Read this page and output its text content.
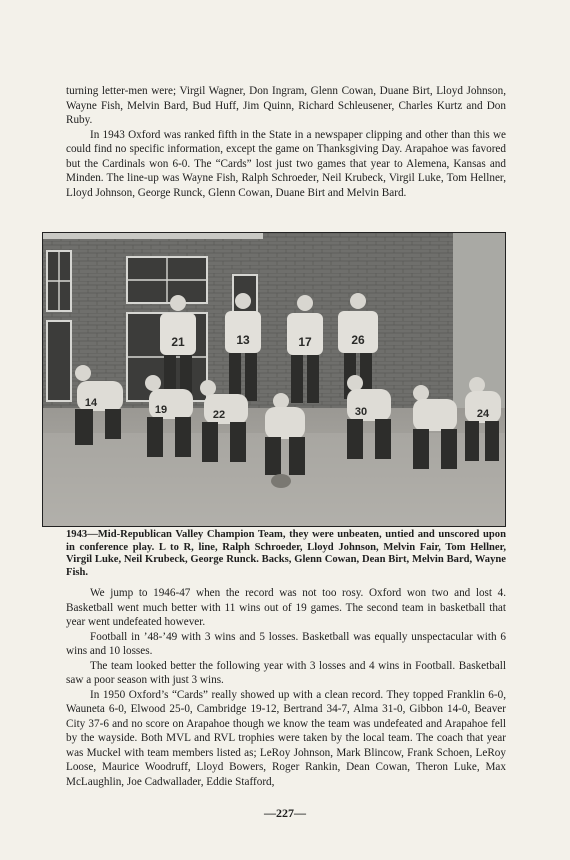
turning letter-men were; Virgil Wagner, Don Ingram, Glenn Cowan, Duane Birt, Lloyd Johnson, Wayne Fish, Melvin Bard, Bud Huff, Jim Quinn, Richard Schleusener, Charles Kurtz and Don Ruby.

In 1943 Oxford was ranked fifth in the State in a newspaper clipping and other than this we could find no specific information, except the game on Thanksgiving Day. Arapahoe was favored but the Cardinals won 6-0. The “Cards” lost just two games that year to Alemena, Kansas and Minden. The line-up was Wayne Fish, Ralph Schroeder, Neil Krubeck, Virgil Luke, Tom Hellner, Lloyd Johnson, George Runck, Glenn Cowan, Duane Birt and Melvin Bard.

21	13	17	26
14
19	22	30	24
1943—Mid-Republican Valley Champion Team, they were unbeaten, untied and unscored upon in conference play. L to R, line, Ralph Schroeder, Lloyd Johnson, Melvin Fair, Tom Hellner, Virgil Luke, Neil Krubeck, George Runck. Backs, Glenn Cowan, Dean Birt, Melvin Bard, Wayne Fish.

We jump to 1946-47 when the record was not too rosy. Oxford won two and lost 4. Basketball went much better with 11 wins out of 19 games. The second team in basketball that year went undefeated however.

Football in ’48-’49 with 3 wins and 5 losses. Basketball was equally unspectacular with 6 wins and 10 losses.

The team looked better the following year with 3 losses and 4 wins in Football. Basketball saw a poor season with just 3 wins.

In 1950 Oxford’s “Cards” really showed up with a clean record. They topped Franklin 6-0, Wauneta 6-0, Elwood 25-0, Cambridge 19-12, Bertrand 34-7, Alma 31-0, Gibbon 14-0, Beaver City 37-6 and no score on Arapahoe though we know the team was undefeated and Arapahoe fell by the wayside. Both MVL and RVL trophies were taken by the local team. The coach that year was Muckel with team members listed as; LeRoy Johnson, Mark Blincow, Frank Schoen, LeRoy Loose, Maurice Woodruff, Lloyd Bowers, Roger Rankin, Dean Cowan, Theron Luke, Max McLaughlin, Joe Cadwallader, Eddie Stafford,

—227—
